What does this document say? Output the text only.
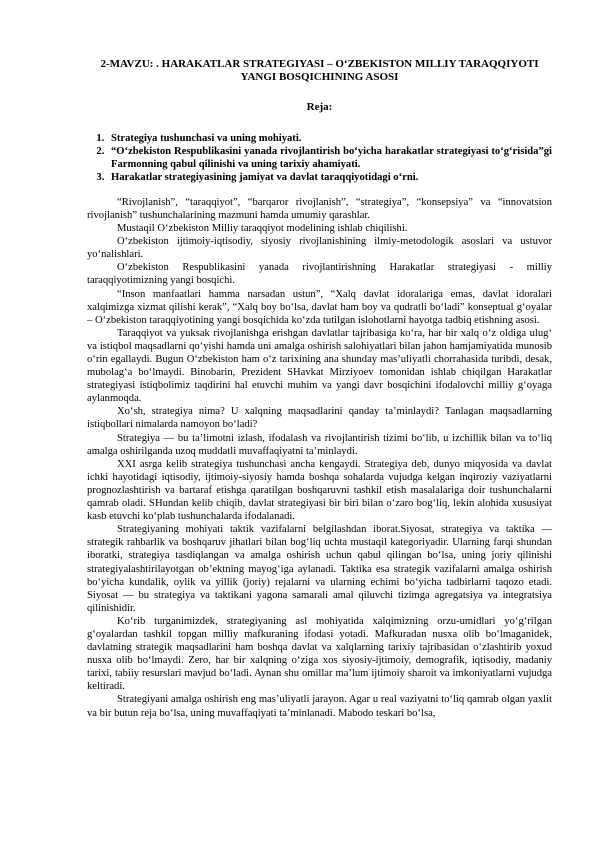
2-MAVZU: . HARAKATLAR STRATEGIYASI – O‘ZBEKISTON MILLIY TARAQQIYOTI YANGI BOSQICHINING ASOSI
Reja:
1. Strategiya tushunchasi va uning mohiyati.
2. “O‘zbekiston Respublikasini yanada rivojlantirish bo‘yicha harakatlar strategiyasi to‘g‘risida”gi Farmonning qabul qilinishi va uning tarixiy ahamiyati.
3. Harakatlar strategiyasining jamiyat va davlat taraqqiyotidagi o‘rni.

“Rivojlanish”, “taraqqiyot”, “barqaror rivojlanish”, “strategiya”, “konsepsiya” va “innovatsion rivojlanish” tushunchalarining mazmuni hamda umumiy qarashlar.

Mustaqil O‘zbekiston Milliy taraqqiyot modelining ishlab chiqilishi.

O‘zbekiston ijtimoiy-iqtisodiy, siyosiy rivojlanishining ilmiy-metodologik asoslari va ustuvor yo‘nalishlari.

O‘zbekiston Respublikasini yanada rivojlantirishning Harakatlar strategiyasi - milliy taraqqiyotimizning yangi bosqichi.

“Inson manfaatlari hamma narsadan ustun”, “Xalq davlat idoralariga emas, davlat idoralari xalqimizga xizmat qilishi kerak”, “Xalq boy bo‘lsa, davlat ham boy va qudratli bo‘ladi” konseptual g‘oyalar – O‘zbekiston taraqqiyotining yangi bosqichida ko‘zda tutilgan islohotlarni hayotga tadbiq etishning asosi.

Taraqqiyot va yuksak rivojlanishga erishgan davlatlar tajribasiga ko‘ra, har bir xalq o‘z oldiga ulug‘ va istiqbol maqsadlarni qo‘yishi hamda uni amalga oshirish salohiyatlari bilan jahon hamjamiyatida munosib o‘rin egallaydi. Bugun O‘zbekiston ham o‘z tarixining ana shunday mas’uliyatli chorrahasida turibdi, desak, mubolag‘a bo‘lmaydi. Binobarin, Prezident SHavkat Mirziyoev tomonidan ishlab chiqilgan Harakatlar strategiyasi istiqbolimiz taqdirini hal etuvchi muhim va yangi davr bosqichini ifodalovchi milliy g‘oyaga aylanmoqda.

Xo‘sh, strategiya nima? U xalqning maqsadlarini qanday ta’minlaydi? Tanlagan maqsadlarning istiqbollari nimalarda namoyon bo‘ladi?

Strategiya — bu ta’limotni izlash, ifodalash va rivojlantirish tizimi bo‘lib, u izchillik bilan va to‘liq amalga oshirilganda uzoq muddatli muvaffaqiyatni ta’minlaydi.

XXI asrga kelib strategiya tushunchasi ancha kengaydi. Strategiya deb, dunyo miqyosida va davlat ichki hayotidagi iqtisodiy, ijtimoiy-siyosiy hamda boshqa sohalarda vujudga kelgan inqiroziy vaziyatlarni prognozlashtirish va bartaraf etishga qaratilgan boshqaruvni tashkil etish masalalariga doir tushunchalarni qamrab oladi. SHundan kelib chiqib, davlat strategiyasi bir biri bilan o‘zaro bog‘liq, lekin alohida xususiyat kasb etuvchi ko‘plab tushunchalarda ifodalanadi.

Strategiyaning mohiyati taktik vazifalarni belgilashdan iborat.Siyosat, strategiya va taktika — strategik rahbarlik va boshqaruv jihatlari bilan bog‘liq uchta mustaqil kategoriyadir. Ularning farqi shundan iboratki, strategiya tasdiqlangan va amalga oshirish uchun qabul qilingan bo‘lsa, uning joriy qilinishi strategiyalashtirilayotgan ob’ektning mayog‘iga aylanadi. Taktika esa strategik vazifalarni amalga oshirish bo‘yicha kundalik, oylik va yillik (joriy) rejalarni va ularning echimi bo‘yicha tadbirlarni taqozo etadi. Siyosat — bu strategiya va taktikani yagona samarali amal qiluvchi tizimga agregatsiya va integratsiya qilinishidir.

Ko‘rib turganimizdek, strategiyaning asl mohiyatida xalqimizning orzu-umidlari yo‘g‘rilgan g‘oyalardan tashkil topgan milliy mafkuraning ifodasi yotadi. Mafkuradan nusxa olib bo‘lmaganidek, davlatning strategik maqsadlarini ham boshqa davlat va xalqlarning tarixiy tajribasidan o‘zlashtirib yoxud nusxa olib bo‘lmaydi. Zero, har bir xalqning o‘ziga xos siyosiy-ijtimoiy, demografik, iqtisodiy, madaniy tarixi, tabiiy resurslari mavjud bo‘ladi. Aynan shu omillar ma’lum ijtimoiy sharoit va imkoniyatlarni vujudga keltiradi.

Strategiyani amalga oshirish eng mas’uliyatli jarayon. Agar u real vaziyatni to‘liq qamrab olgan yaxlit va bir butun reja bo‘lsa, uning muvaffaqiyati ta’minlanadi. Mabodo teskari bo‘lsa,
